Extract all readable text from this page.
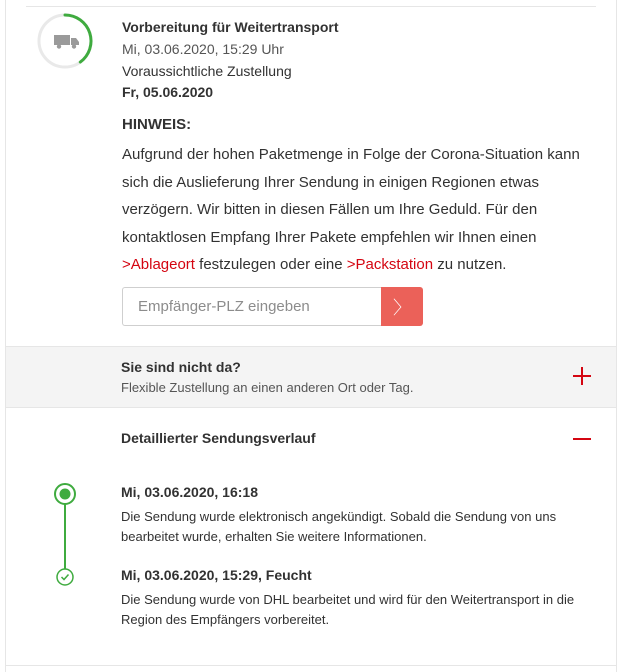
Vorbereitung für Weitertransport
Mi, 03.06.2020, 15:29 Uhr
Voraussichtliche Zustellung
Fr, 05.06.2020
HINWEIS:
Aufgrund der hohen Paketmenge in Folge der Corona-Situation kann sich die Auslieferung Ihrer Sendung in einigen Regionen etwas verzögern. Wir bitten in diesen Fällen um Ihre Geduld. Für den kontaktlosen Empfang Ihrer Pakete empfehlen wir Ihnen einen >Ablageort festzulegen oder eine >Packstation zu nutzen.
Empfänger-PLZ eingeben
〉
Sie sind nicht da?
Flexible Zustellung an einen anderen Ort oder Tag.
Detaillierter Sendungsverlauf
Mi, 03.06.2020, 16:18
Die Sendung wurde elektronisch angekündigt. Sobald die Sendung von uns bearbeitet wurde, erhalten Sie weitere Informationen.
Mi, 03.06.2020, 15:29, Feucht
Die Sendung wurde von DHL bearbeitet und wird für den Weitertransport in die Region des Empfängers vorbereitet.
